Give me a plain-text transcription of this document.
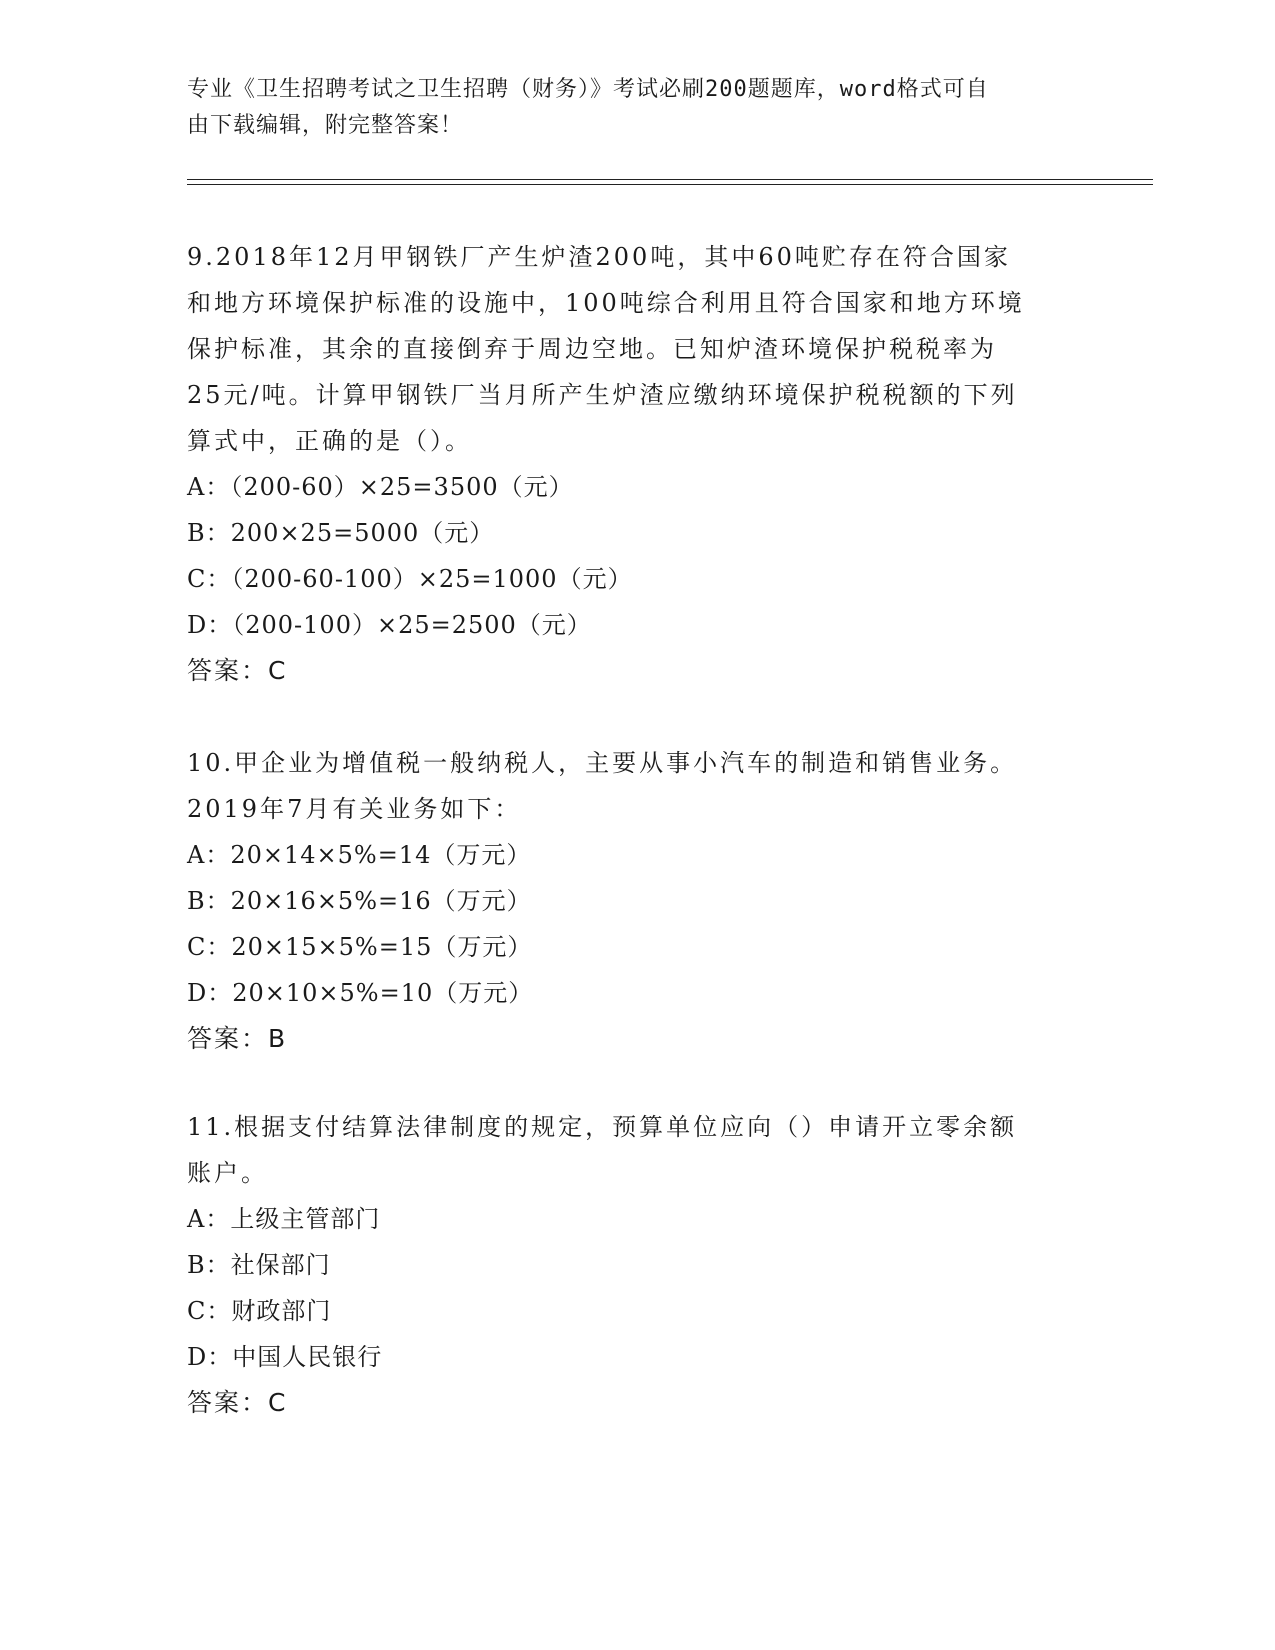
专业《卫生招聘考试之卫生招聘（财务）》考试必刷200题题库，word格式可自
由下载编辑，附完整答案！
9.2018年12月甲钢铁厂产生炉渣200吨，其中60吨贮存在符合国家
和地方环境保护标准的设施中，100吨综合利用且符合国家和地方环境
保护标准，其余的直接倒弃于周边空地。已知炉渣环境保护税税率为
25元/吨。计算甲钢铁厂当月所产生炉渣应缴纳环境保护税税额的下列
算式中，正确的是（）。
A：（200-60）×25=3500（元）
B：200×25=5000（元）
C：（200-60-100）×25=1000（元）
D：（200-100）×25=2500（元）
答案：C
10.甲企业为增值税一般纳税人，主要从事小汽车的制造和销售业务。
2019年7月有关业务如下：
A：20×14×5%=14（万元）
B：20×16×5%=16（万元）
C：20×15×5%=15（万元）
D：20×10×5%=10（万元）
答案：B
11.根据支付结算法律制度的规定，预算单位应向（）申请开立零余额
账户。
A：上级主管部门
B：社保部门
C：财政部门
D：中国人民银行
答案：C
